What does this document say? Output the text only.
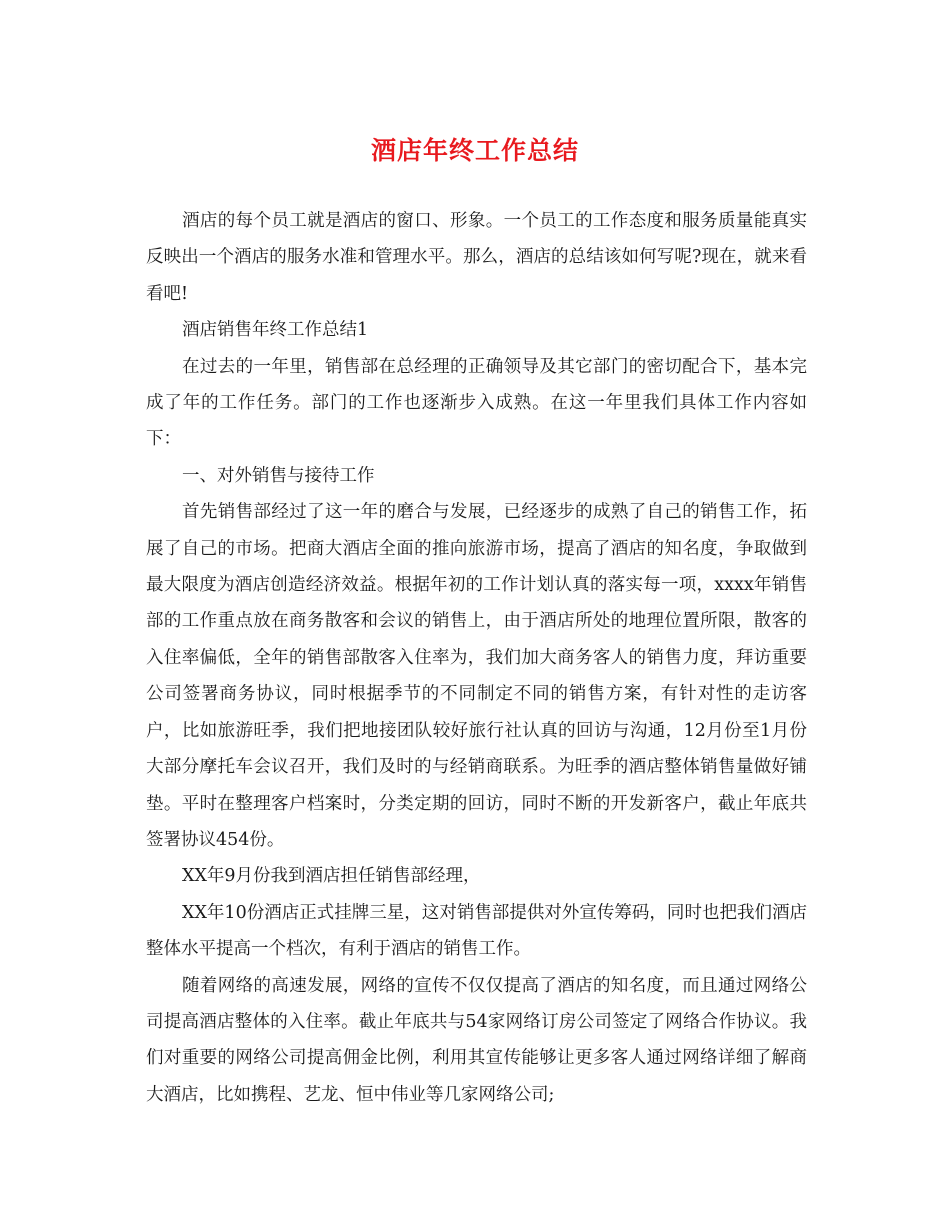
酒店年终工作总结

酒店的每个员工就是酒店的窗口、形象。一个员工的工作态度和服务质量能真实反映出一个酒店的服务水准和管理水平。那么，酒店的总结该如何写呢?现在，就来看看吧!

酒店销售年终工作总结1

在过去的一年里，销售部在总经理的正确领导及其它部门的密切配合下，基本完成了年的工作任务。部门的工作也逐渐步入成熟。在这一年里我们具体工作内容如下：

一、对外销售与接待工作

首先销售部经过了这一年的磨合与发展，已经逐步的成熟了自己的销售工作，拓展了自己的市场。把商大酒店全面的推向旅游市场，提高了酒店的知名度，争取做到最大限度为酒店创造经济效益。根据年初的工作计划认真的落实每一项，xxxx年销售部的工作重点放在商务散客和会议的销售上，由于酒店所处的地理位置所限，散客的入住率偏低，全年的销售部散客入住率为，我们加大商务客人的销售力度，拜访重要公司签署商务协议，同时根据季节的不同制定不同的销售方案，有针对性的走访客户，比如旅游旺季，我们把地接团队较好旅行社认真的回访与沟通，12月份至1月份大部分摩托车会议召开，我们及时的与经销商联系。为旺季的酒店整体销售量做好铺垫。平时在整理客户档案时，分类定期的回访，同时不断的开发新客户，截止年底共签署协议454份。

XX年9月份我到酒店担任销售部经理，

XX年10份酒店正式挂牌三星，这对销售部提供对外宣传筹码，同时也把我们酒店整体水平提高一个档次，有利于酒店的销售工作。

随着网络的高速发展，网络的宣传不仅仅提高了酒店的知名度，而且通过网络公司提高酒店整体的入住率。截止年底共与54家网络订房公司签定了网络合作协议。我们对重要的网络公司提高佣金比例，利用其宣传能够让更多客人通过网络详细了解商大酒店，比如携程、艺龙、恒中伟业等几家网络公司;
